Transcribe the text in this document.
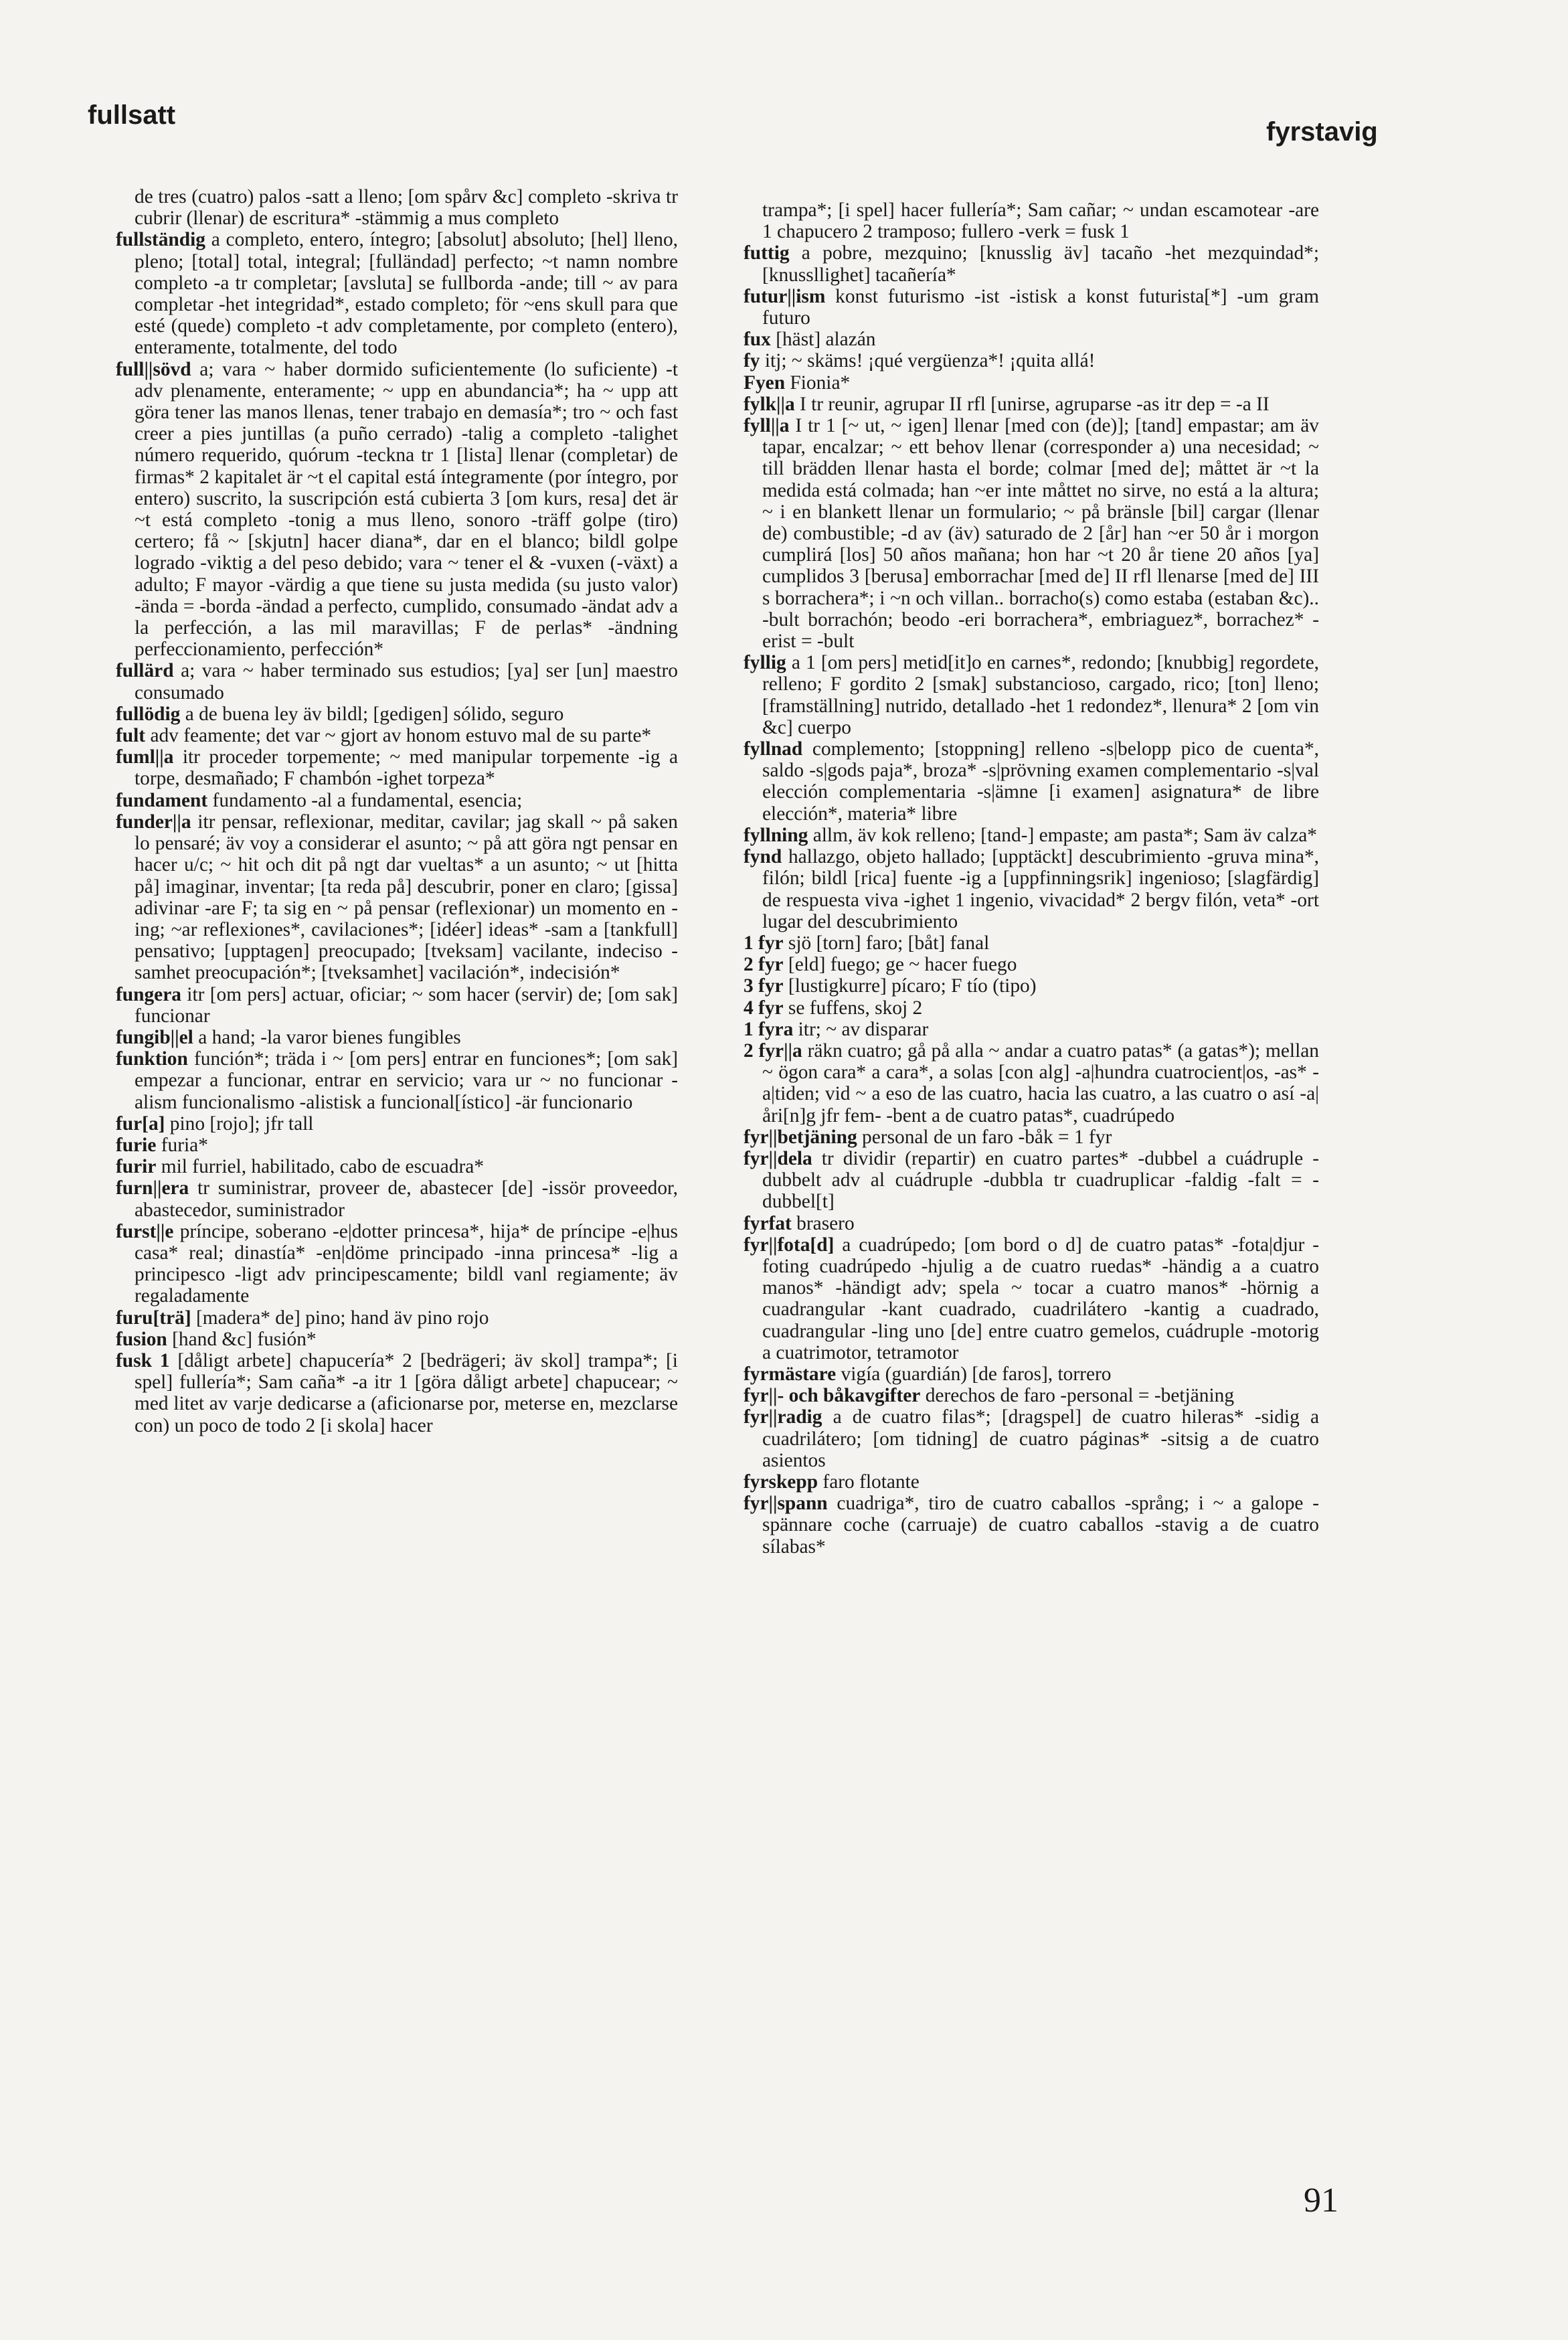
fullsatt
fyrstavig

de tres (cuatro) palos -satt a lleno; [om spårv &c] completo -skriva tr cubrir (llenar) de escritura* -stämmig a mus completo

fullständig a completo, entero, íntegro; [absolut] absoluto; [hel] lleno, pleno; [total] total, integral; [fulländad] perfecto; ~t namn nombre completo -a tr completar; [avsluta] se fullborda -ande; till ~ av para completar -het integridad*, estado completo; för ~ens skull para que esté (quede) completo -t adv completamente, por completo (entero), enteramente, totalmente, del todo

full||sövd a; vara ~ haber dormido suficientemente (lo suficiente) -t adv plenamente, enteramente; ~ upp en abundancia*; ha ~ upp att göra tener las manos llenas, tener trabajo en demasía*; tro ~ och fast creer a pies juntillas (a puño cerrado) -talig a completo -talighet número requerido, quórum -teckna tr 1 [lista] llenar (completar) de firmas* 2 kapitalet är ~t el capital está íntegramente (por íntegro, por entero) suscrito, la suscripción está cubierta 3 [om kurs, resa] det är ~t está completo -tonig a mus lleno, sonoro -träff golpe (tiro) certero; få ~ [skjutn] hacer diana*, dar en el blanco; bildl golpe logrado -viktig a del peso debido; vara ~ tener el & -vuxen (-växt) a adulto; F mayor -värdig a que tiene su justa medida (su justo valor) -ända = -borda -ändad a perfecto, cumplido, consumado -ändat adv a la perfección, a las mil maravillas; F de perlas* -ändning perfeccionamiento, perfección*

fullärd a; vara ~ haber terminado sus estudios; [ya] ser [un] maestro consumado

fullödig a de buena ley äv bildl; [gedigen] sólido, seguro

fult adv feamente; det var ~ gjort av honom estuvo mal de su parte*

fuml||a itr proceder torpemente; ~ med manipular torpemente -ig a torpe, desmañado; F chambón -ighet torpeza*

fundament fundamento -al a fundamental, esencia;

funder||a itr pensar, reflexionar, meditar, cavilar; jag skall ~ på saken lo pensaré; äv voy a considerar el asunto; ~ på att göra ngt pensar en hacer u/c; ~ hit och dit på ngt dar vueltas* a un asunto; ~ ut [hitta på] imaginar, inventar; [ta reda på] descubrir, poner en claro; [gissa] adivinar -are F; ta sig en ~ på pensar (reflexionar) un momento en -ing; ~ar reflexiones*, cavilaciones*; [idéer] ideas* -sam a [tankfull] pensativo; [upptagen] preocupado; [tveksam] vacilante, indeciso -samhet preocupación*; [tveksamhet] vacilación*, indecisión*

fungera itr [om pers] actuar, oficiar; ~ som hacer (servir) de; [om sak] funcionar

fungib||el a hand; -la varor bienes fungibles

funktion función*; träda i ~ [om pers] entrar en funciones*; [om sak] empezar a funcionar, entrar en servicio; vara ur ~ no funcionar -alism funcionalismo -alistisk a funcional[ístico] -är funcionario

fur[a] pino [rojo]; jfr tall

furie furia*

furir mil furriel, habilitado, cabo de escuadra*

furn||era tr suministrar, proveer de, abastecer [de] -issör proveedor, abastecedor, suministrador

furst||e príncipe, soberano -e|dotter princesa*, hija* de príncipe -e|hus casa* real; dinastía* -en|döme principado -inna princesa* -lig a principesco -ligt adv principescamente; bildl vanl regiamente; äv regaladamente

furu[trä] [madera* de] pino; hand äv pino rojo

fusion [hand &c] fusión*

fusk 1 [dåligt arbete] chapucería* 2 [bedrägeri; äv skol] trampa*; [i spel] fullería*; Sam caña* -a itr 1 [göra dåligt arbete] chapucear; ~ med litet av varje dedicarse a (aficionarse por, meterse en, mezclarse con) un poco de todo 2 [i skola] hacer

trampa*; [i spel] hacer fullería*; Sam cañar; ~ undan escamotear -are 1 chapucero 2 tramposo; fullero -verk = fusk 1

futtig a pobre, mezquino; [knusslig äv] tacaño -het mezquindad*; [knussllighet] tacañería*

futur||ism konst futurismo -ist -istisk a konst futurista[*] -um gram futuro

fux [häst] alazán

fy itj; ~ skäms! ¡qué vergüenza*! ¡quita allá!

Fyen Fionia*

fylk||a I tr reunir, agrupar II rfl [unirse, agruparse -as itr dep = -a II

fyll||a I tr 1 [~ ut, ~ igen] llenar [med con (de)]; [tand] empastar; am äv tapar, encalzar; ~ ett behov llenar (corresponder a) una necesidad; ~ till brädden llenar hasta el borde; colmar [med de]; måttet är ~t la medida está colmada; han ~er inte måttet no sirve, no está a la altura; ~ i en blankett llenar un formulario; ~ på bränsle [bil] cargar (llenar de) combustible; -d av (äv) saturado de 2 [år] han ~er 50 år i morgon cumplirá [los] 50 años mañana; hon har ~t 20 år tiene 20 años [ya] cumplidos 3 [berusa] emborrachar [med de] II rfl llenarse [med de] III s borrachera*; i ~n och villan.. borracho(s) como estaba (estaban &c).. -bult borrachón; beodo -eri borrachera*, embriaguez*, borrachez* -erist = -bult

fyllig a 1 [om pers] metid[it]o en carnes*, redondo; [knubbig] regordete, relleno; F gordito 2 [smak] substancioso, cargado, rico; [ton] lleno; [framställning] nutrido, detallado -het 1 redondez*, llenura* 2 [om vin &c] cuerpo

fyllnad complemento; [stoppning] relleno -s|belopp pico de cuenta*, saldo -s|gods paja*, broza* -s|prövning examen complementario -s|val elección complementaria -s|ämne [i examen] asignatura* de libre elección*, materia* libre

fyllning allm, äv kok relleno; [tand-] empaste; am pasta*; Sam äv calza*

fynd hallazgo, objeto hallado; [upptäckt] descubrimiento -gruva mina*, filón; bildl [rica] fuente -ig a [uppfinningsrik] ingenioso; [slagfärdig] de respuesta viva -ighet 1 ingenio, vivacidad* 2 bergv filón, veta* -ort lugar del descubrimiento

1 fyr sjö [torn] faro; [båt] fanal

2 fyr [eld] fuego; ge ~ hacer fuego

3 fyr [lustigkurre] pícaro; F tío (tipo)

4 fyr se fuffens, skoj 2

1 fyra itr; ~ av disparar

2 fyr||a räkn cuatro; gå på alla ~ andar a cuatro patas* (a gatas*); mellan ~ ögon cara* a cara*, a solas [con alg] -a|hundra cuatrocient|os, -as* -a|tiden; vid ~ a eso de las cuatro, hacia las cuatro, a las cuatro o así -a|åri[n]g jfr fem- -bent a de cuatro patas*, cuadrúpedo

fyr||betjäning personal de un faro -båk = 1 fyr

fyr||dela tr dividir (repartir) en cuatro partes* -dubbel a cuádruple -dubbelt adv al cuádruple -dubbla tr cuadruplicar -faldig -falt = -dubbel[t]

fyrfat brasero

fyr||fota[d] a cuadrúpedo; [om bord o d] de cuatro patas* -fota|djur -foting cuadrúpedo -hjulig a de cuatro ruedas* -händig a a cuatro manos* -händigt adv; spela ~ tocar a cuatro manos* -hörnig a cuadrangular -kant cuadrado, cuadrilátero -kantig a cuadrado, cuadrangular -ling uno [de] entre cuatro gemelos, cuádruple -motorig a cuatrimotor, tetramotor

fyrmästare vigía (guardián) [de faros], torrero

fyr||- och båkavgifter derechos de faro -personal = -betjäning

fyr||radig a de cuatro filas*; [dragspel] de cuatro hileras* -sidig a cuadrilátero; [om tidning] de cuatro páginas* -sitsig a de cuatro asientos

fyrskepp faro flotante

fyr||spann cuadriga*, tiro de cuatro caballos -språng; i ~ a galope -spännare coche (carruaje) de cuatro caballos -stavig a de cuatro sílabas*

91
